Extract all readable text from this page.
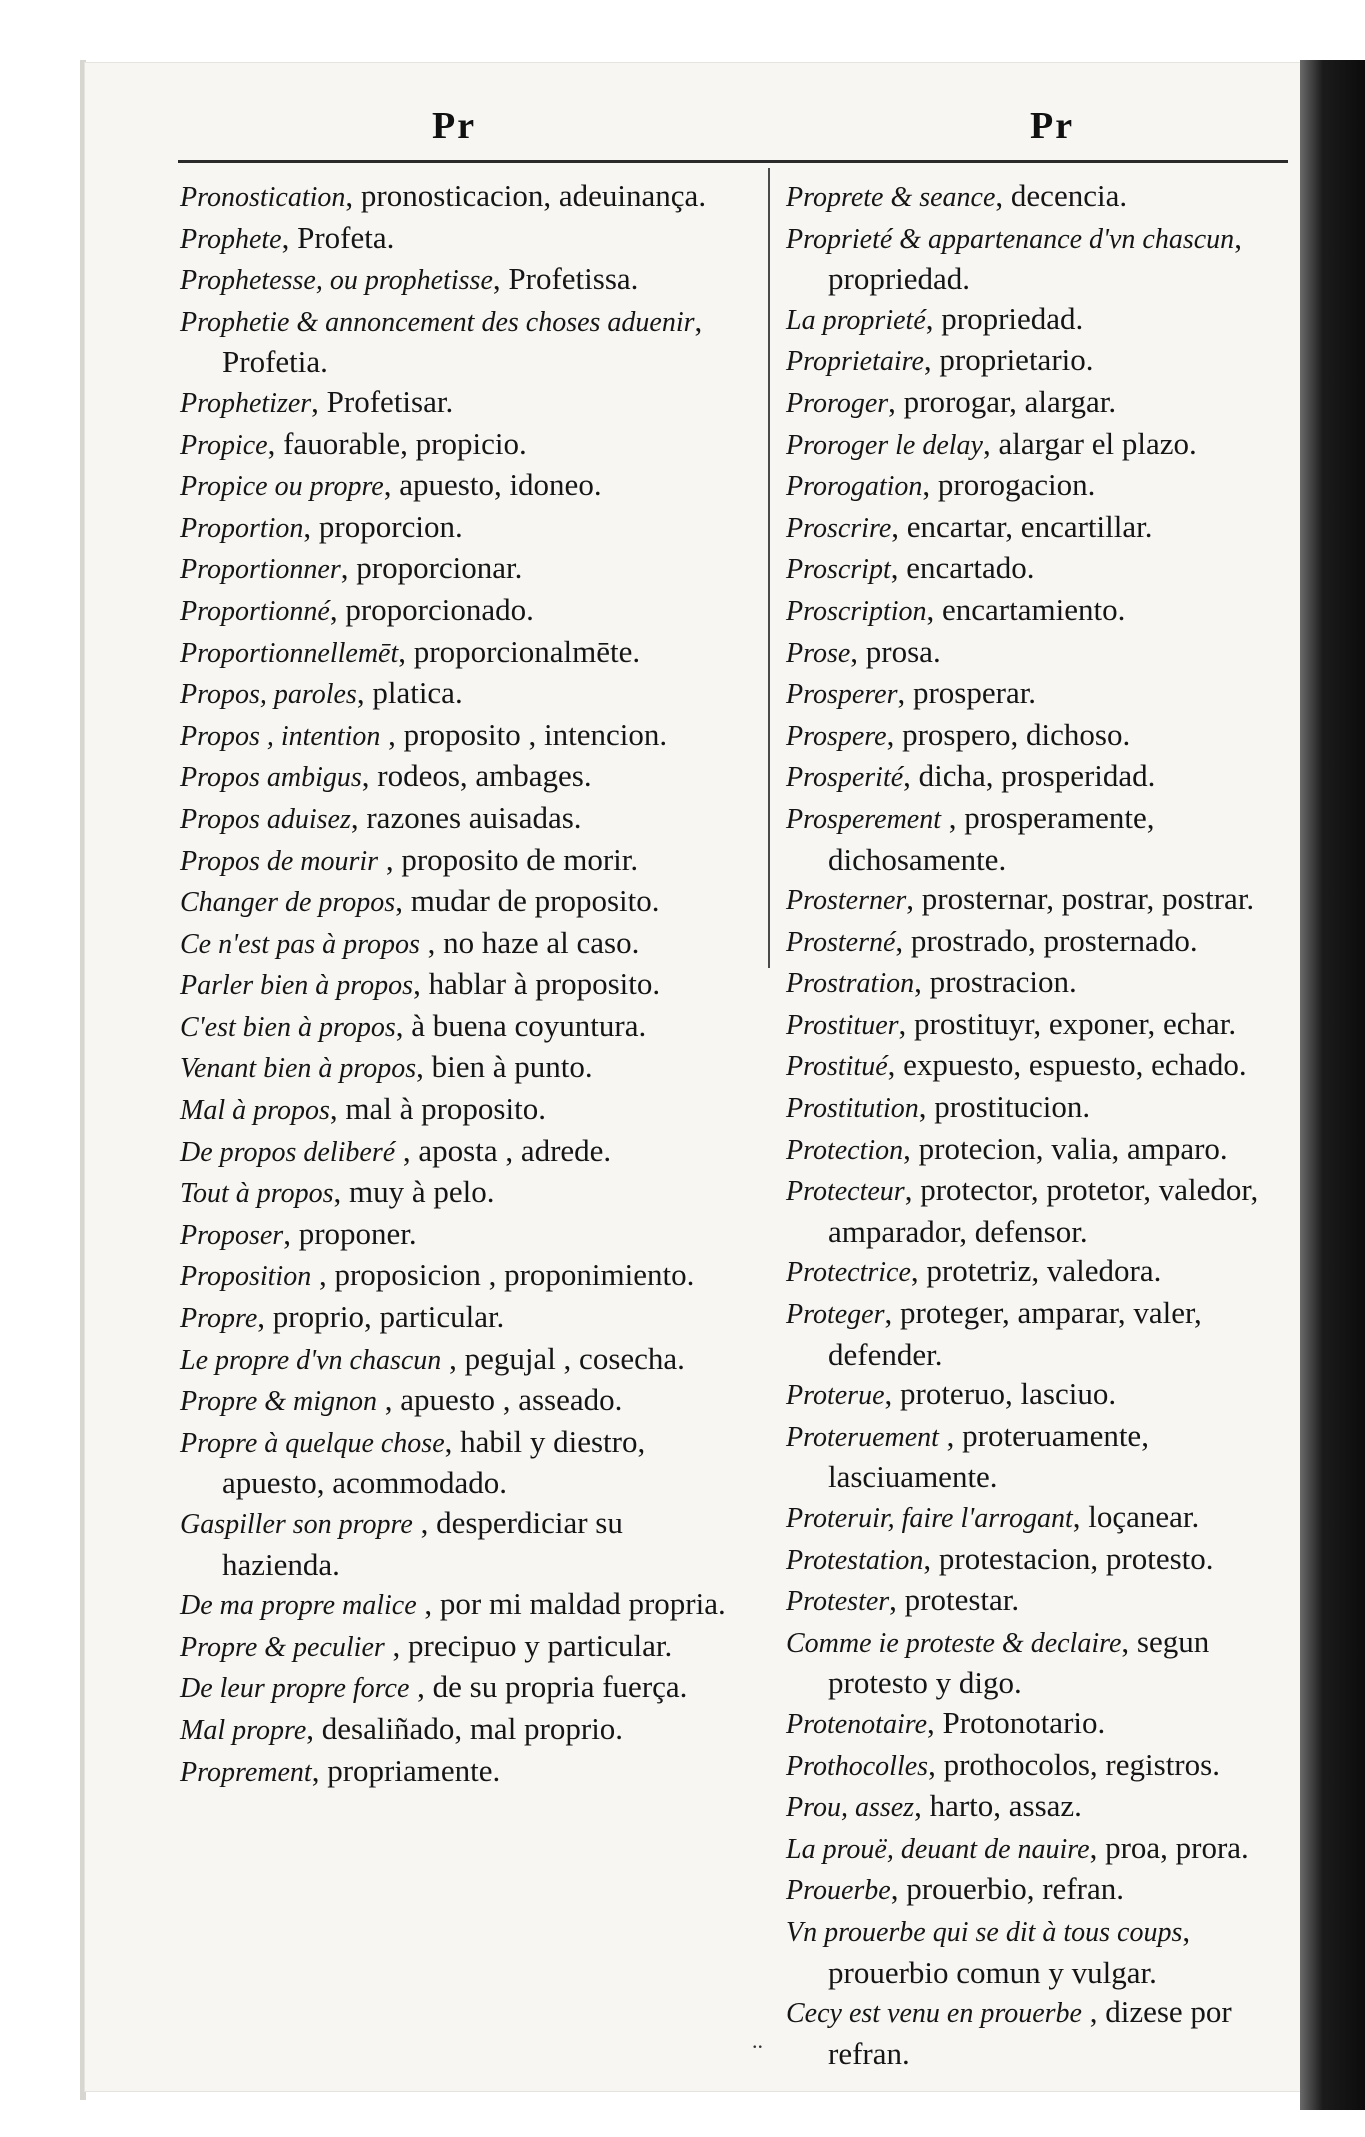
Pr	Pr
Pronostication, pronosticacion, adeuinança.
Prophete, Profeta.
Prophetesse, ou prophetisse, Profetissa.
Prophetie & annoncement des choses aduenir, Profetia.
Prophetizer, Profetisar.
Propice, fauorable, propicio.
Propice ou propre, apuesto, idoneo.
Proportion, proporcion.
Proportionner, proporcionar.
Proportionné, proporcionado.
Proportionnellemēt, proporcionalmēte.
Propos, paroles, platica.
Propos , intention , proposito , intencion.
Propos ambigus, rodeos, ambages.
Propos aduisez, razones auisadas.
Propos de mourir , proposito de morir.
Changer de propos, mudar de proposito.
Ce n'est pas à propos , no haze al caso.
Parler bien à propos, hablar à proposito.
C'est bien à propos, à buena coyuntura.
Venant bien à propos, bien à punto.
Mal à propos, mal à proposito.
De propos deliberé , aposta , adrede.
Tout à propos, muy à pelo.
Proposer, proponer.
Proposition , proposicion , proponimiento.
Propre, proprio, particular.
Le propre d'vn chascun , pegujal , cosecha.
Propre & mignon , apuesto , asseado.
Propre à quelque chose, habil y diestro, apuesto, acommodado.
Gaspiller son propre , desperdiciar su hazienda.
De ma propre malice , por mi maldad propria.
Propre & peculier , precipuo y particular.
De leur propre force , de su propria fuerça.
Mal propre, desaliñado, mal proprio.
Proprement, propriamente.
Proprete & seance, decencia.
Proprieté & appartenance d'vn chascun, propriedad.
La proprieté, propriedad.
Proprietaire, proprietario.
Proroger, prorogar, alargar.
Proroger le delay, alargar el plazo.
Prorogation, prorogacion.
Proscrire, encartar, encartillar.
Proscript, encartado.
Proscription, encartamiento.
Prose, prosa.
Prosperer, prosperar.
Prospere, prospero, dichoso.
Prosperité, dicha, prosperidad.
Prosperement , prosperamente, dichosamente.
Prosterner, prosternar, postrar, postrar.
Prosterné, prostrado, prosternado.
Prostration, prostracion.
Prostituer, prostituyr, exponer, echar.
Prostitué, expuesto, espuesto, echado.
Prostitution, prostitucion.
Protection, protecion, valia, amparo.
Protecteur, protector, protetor, valedor, amparador, defensor.
Protectrice, protetriz, valedora.
Proteger, proteger, amparar, valer, defender.
Proterue, proteruo, lasciuo.
Proteruement , proteruamente, lasciuamente.
Proteruir, faire l'arrogant, loçanear.
Protestation, protestacion, protesto.
Protester, protestar.
Comme ie proteste & declaire, segun protesto y digo.
Protenotaire, Protonotario.
Prothocolles, prothocolos, registros.
Prou, assez, harto, assaz.
La prouë, deuant de nauire, proa, prora.
Prouerbe, prouerbio, refran.
Vn prouerbe qui se dit à tous coups, prouerbio comun y vulgar.
Cecy est venu en prouerbe , dizese por refran.
..
